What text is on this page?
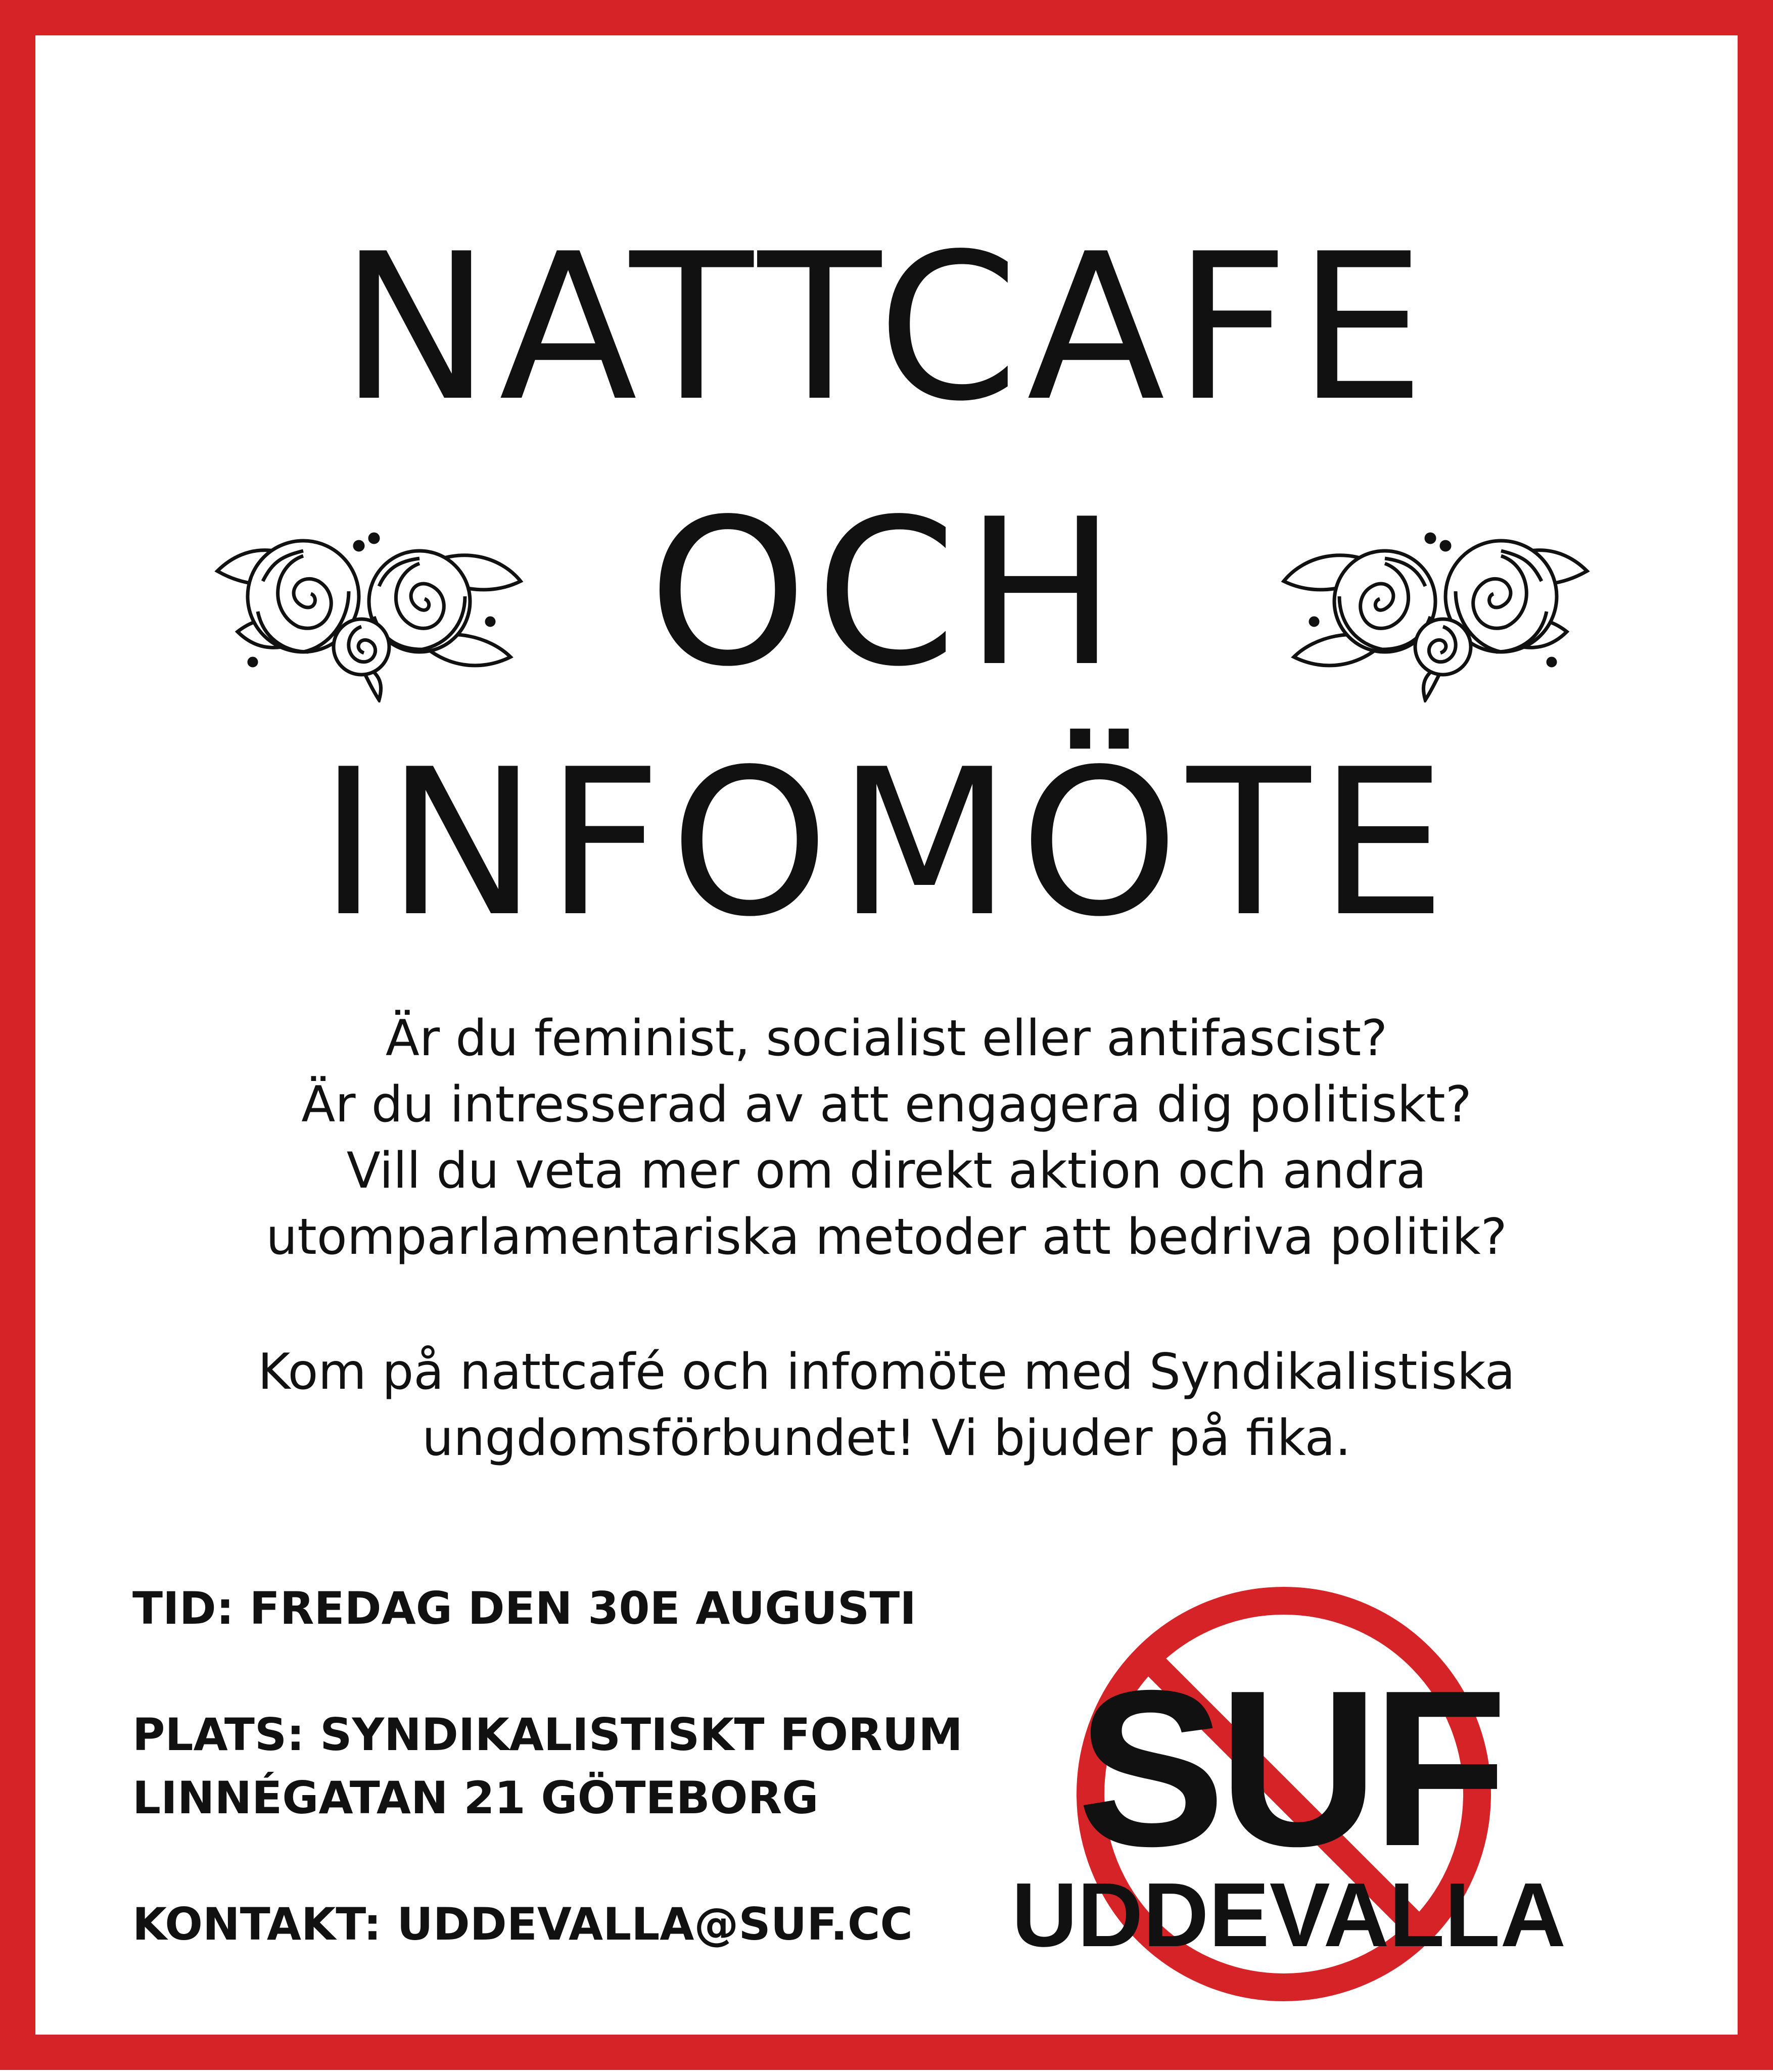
NATTCAFE
OCH
INFOMÖTE
Är du feminist, socialist eller antifascist?
Är du intresserad av att engagera dig politiskt?
Vill du veta mer om direkt aktion och andra
utomparlamentariska metoder att bedriva politik?
Kom på nattcafé och infomöte med Syndikalistiska
ungdomsförbundet! Vi bjuder på fika.
TID: FREDAG DEN 30E AUGUSTI
PLATS: SYNDIKALISTISKT FORUM
LINNÉGATAN 21 GÖTEBORG
KONTAKT: UDDEVALLA@SUF.CC
SUF
UDDEVALLA
